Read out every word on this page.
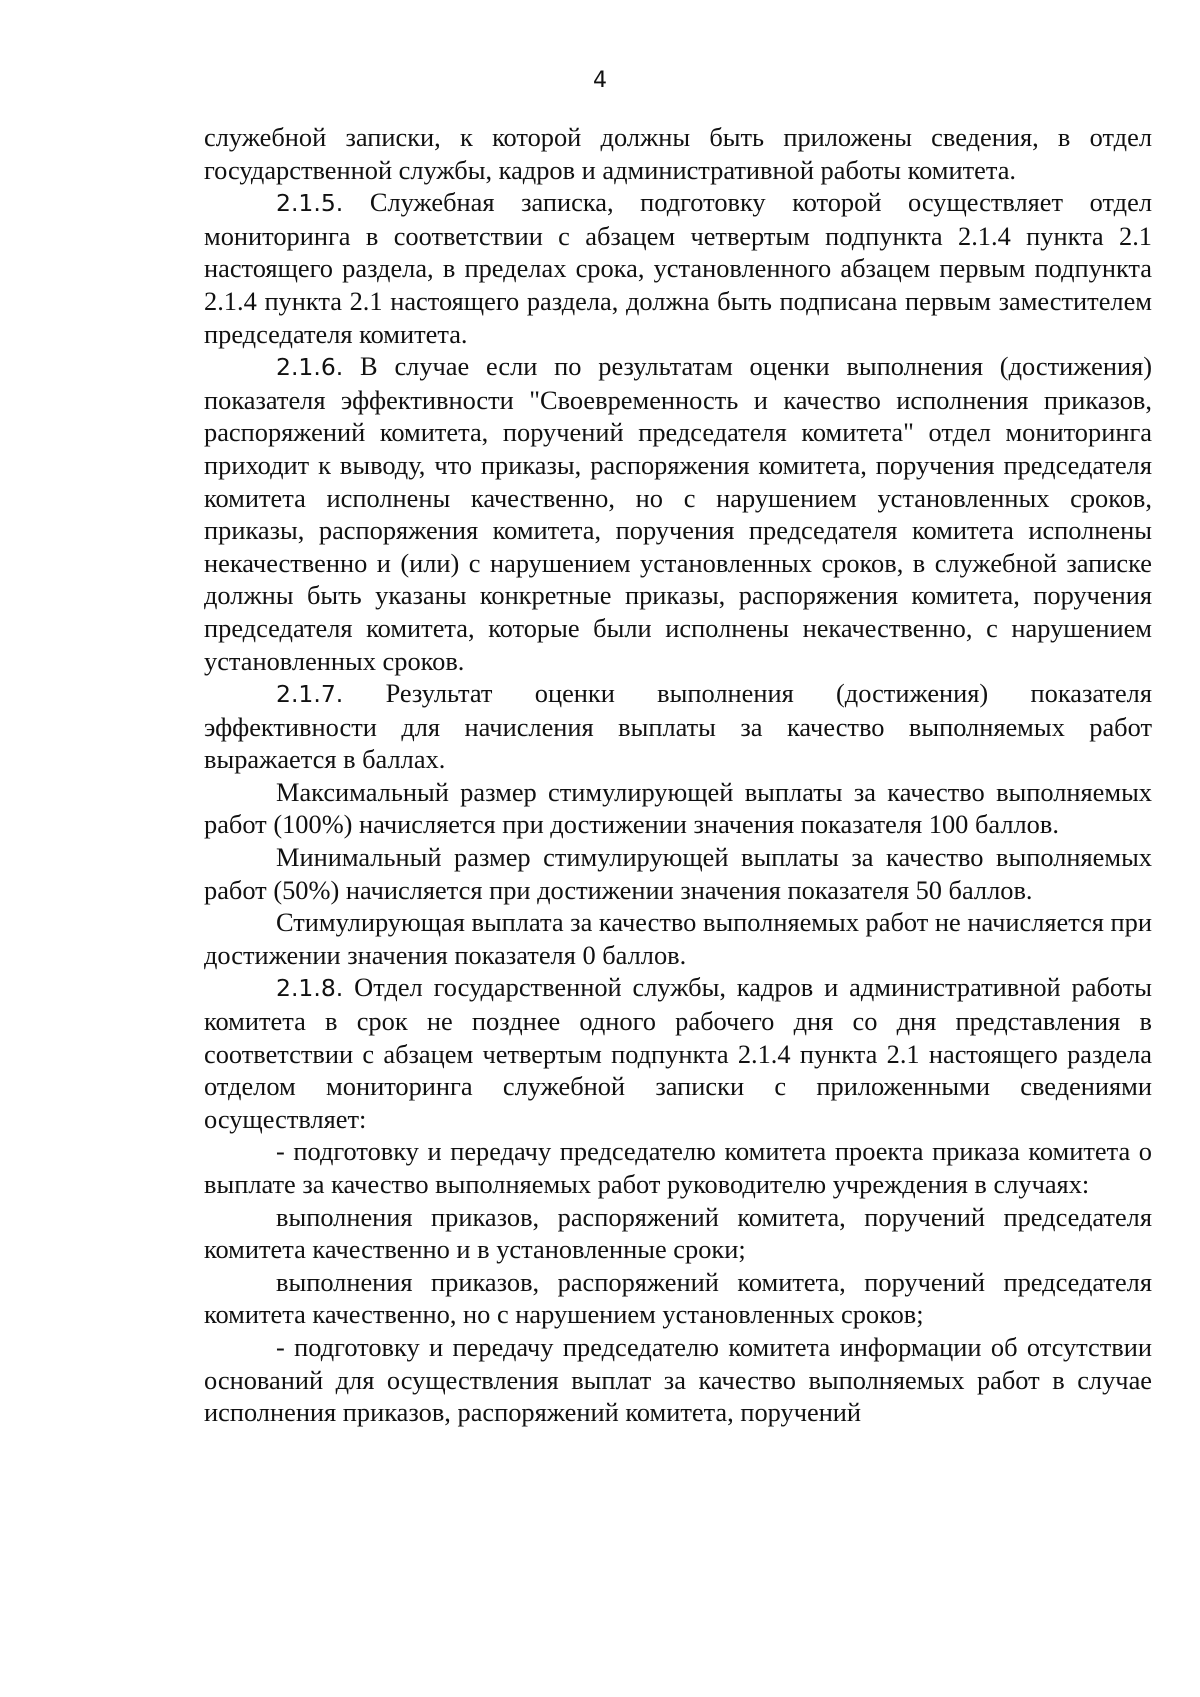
4

служебной записки, к которой должны быть приложены сведения, в отдел государственной службы, кадров и административной работы комитета.

2.1.5. Служебная записка, подготовку которой осуществляет отдел мониторинга в соответствии с абзацем четвертым подпункта 2.1.4 пункта 2.1 настоящего раздела, в пределах срока, установленного абзацем первым подпункта 2.1.4 пункта 2.1 настоящего раздела, должна быть подписана первым заместителем председателя комитета.

2.1.6. В случае если по результатам оценки выполнения (достижения) показателя эффективности "Своевременность и качество исполнения приказов, распоряжений комитета, поручений председателя комитета" отдел мониторинга приходит к выводу, что приказы, распоряжения комитета, поручения председателя комитета исполнены качественно, но с нарушением установленных сроков, приказы, распоряжения комитета, поручения председателя комитета исполнены некачественно и (или) с нарушением установленных сроков, в служебной записке должны быть указаны конкретные приказы, распоряжения комитета, поручения председателя комитета, которые были исполнены некачественно, с нарушением установленных сроков.

2.1.7. Результат оценки выполнения (достижения) показателя эффективности для начисления выплаты за качество выполняемых работ выражается в баллах.

Максимальный размер стимулирующей выплаты за качество выполняемых работ (100%) начисляется при достижении значения показателя 100 баллов.

Минимальный размер стимулирующей выплаты за качество выполняемых работ (50%) начисляется при достижении значения показателя 50 баллов.

Стимулирующая выплата за качество выполняемых работ не начисляется при достижении значения показателя 0 баллов.

2.1.8. Отдел государственной службы, кадров и административной работы комитета в срок не позднее одного рабочего дня со дня представления в соответствии с абзацем четвертым подпункта 2.1.4 пункта 2.1 настоящего раздела отделом мониторинга служебной записки с приложенными сведениями осуществляет:

- подготовку и передачу председателю комитета проекта приказа комитета о выплате за качество выполняемых работ руководителю учреждения в случаях:

выполнения приказов, распоряжений комитета, поручений председателя комитета качественно и в установленные сроки;

выполнения приказов, распоряжений комитета, поручений председателя комитета качественно, но с нарушением установленных сроков;

- подготовку и передачу председателю комитета информации об отсутствии оснований для осуществления выплат за качество выполняемых работ в случае исполнения приказов, распоряжений комитета, поручений
